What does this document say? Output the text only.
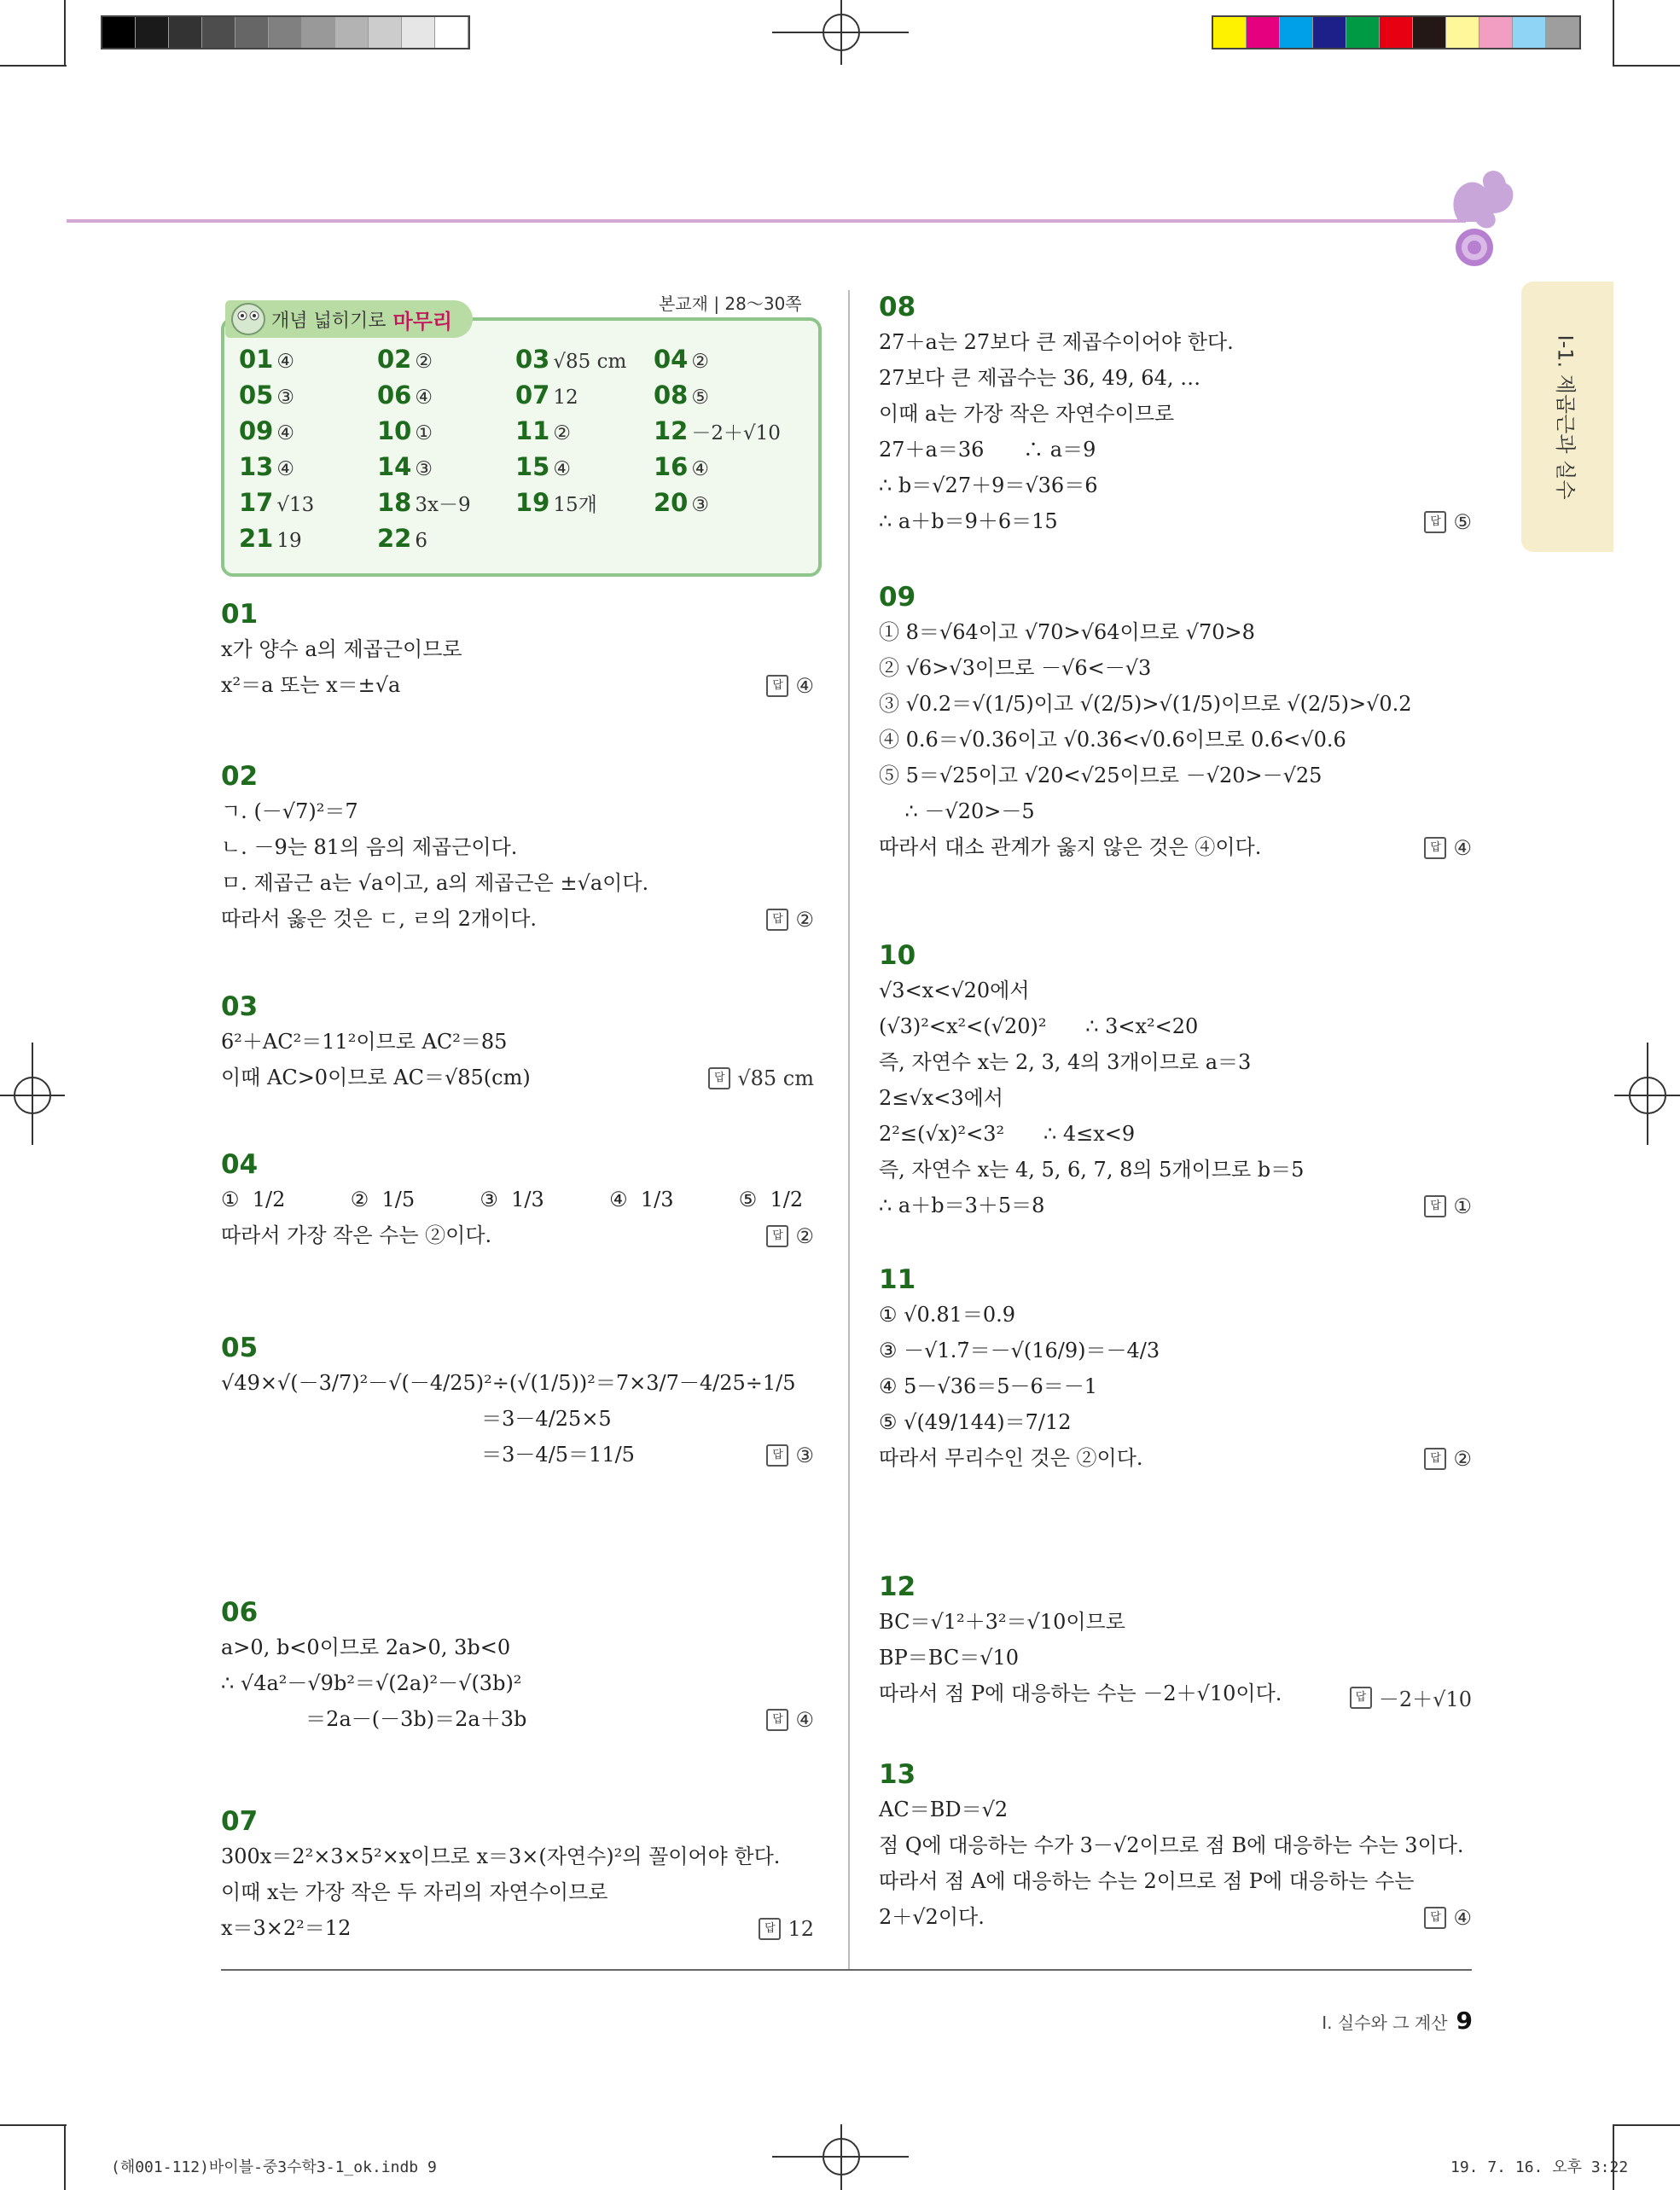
Ⅰ-1. 제곱근과 실수
본교재 | 28～30쪽
개념 넓히기로 마무리
01 ④	02 ②	03 √85 cm 04 ②
05 ③	06 ④	07 12	08 ⑤
09 ④	10 ①	11 ②	12 －2＋√10
13 ④	14 ③	15 ④	16 ④
17 √13	18 3x－9 19 15개 20 ③
21 19	22 6
01
x가 양수 a의 제곱근이므로
x²＝a 또는 x＝±√a	답 ④
02
ㄱ. (－√7)²＝7
ㄴ. －9는 81의 음의 제곱근이다.
ㅁ. 제곱근 a는 √a이고, a의 제곱근은 ±√a이다.
따라서 옳은 것은 ㄷ, ㄹ의 2개이다.	답 ②
03
6²＋AC²＝11²이므로 AC²＝85
이때 AC>0이므로 AC＝√85(cm)	답 √85 cm
04
①  1/2          ②  1/5          ③  1/3          ④  1/3          ⑤  1/2
따라서 가장 작은 수는 ②이다.	답 ②
05
√49×√(－3/7)²－√(－4/25)²÷(√(1/5))²＝7×3/7－4/25÷1/5
＝3－4/25×5
＝3－4/5＝11/5	답 ③
06
a>0, b<0이므로 2a>0, 3b<0
∴ √4a²－√9b²＝√(2a)²－√(3b)²
＝2a－(－3b)＝2a＋3b	답 ④
07
300x＝2²×3×5²×x이므로 x＝3×(자연수)²의 꼴이어야 한다.
이때 x는 가장 작은 두 자리의 자연수이므로
x＝3×2²＝12	답 12
08
27＋a는 27보다 큰 제곱수이어야 한다.
27보다 큰 제곱수는 36, 49, 64, …
이때 a는 가장 작은 자연수이므로
27＋a＝36      ∴ a＝9
∴ b＝√27＋9＝√36＝6
∴ a＋b＝9＋6＝15	답 ⑤
09
① 8＝√64이고 √70>√64이므로 √70>8
② √6>√3이므로 －√6<－√3
③ √0.2＝√(1/5)이고 √(2/5)>√(1/5)이므로 √(2/5)>√0.2
④ 0.6＝√0.36이고 √0.36<√0.6이므로 0.6<√0.6
⑤ 5＝√25이고 √20<√25이므로 －√20>－√25
∴ －√20>－5
따라서 대소 관계가 옳지 않은 것은 ④이다.	답 ④
10
√3<x<√20에서
(√3)²<x²<(√20)²      ∴ 3<x²<20
즉, 자연수 x는 2, 3, 4의 3개이므로 a＝3
2≤√x<3에서
2²≤(√x)²<3²      ∴ 4≤x<9
즉, 자연수 x는 4, 5, 6, 7, 8의 5개이므로 b＝5
∴ a＋b＝3＋5＝8	답 ①
11
① √0.81＝0.9
③ －√1.7̇＝－√(16/9)＝－4/3
④ 5－√36＝5－6＝－1
⑤ √(49/144)＝7/12
따라서 무리수인 것은 ②이다.	답 ②
12
BC＝√1²＋3²＝√10이므로
BP＝BC＝√10
따라서 점 P에 대응하는 수는 －2＋√10이다.	답 －2＋√10
13
AC＝BD＝√2
점 Q에 대응하는 수가 3－√2이므로 점 B에 대응하는 수는 3이다.
따라서 점 A에 대응하는 수는 2이므로 점 P에 대응하는 수는
2＋√2이다.	답 ④
Ⅰ. 실수와 그 계산 9
(해001-112)바이블-중3수학3-1_ok.indb 9	19. 7. 16. 오후 3:22
